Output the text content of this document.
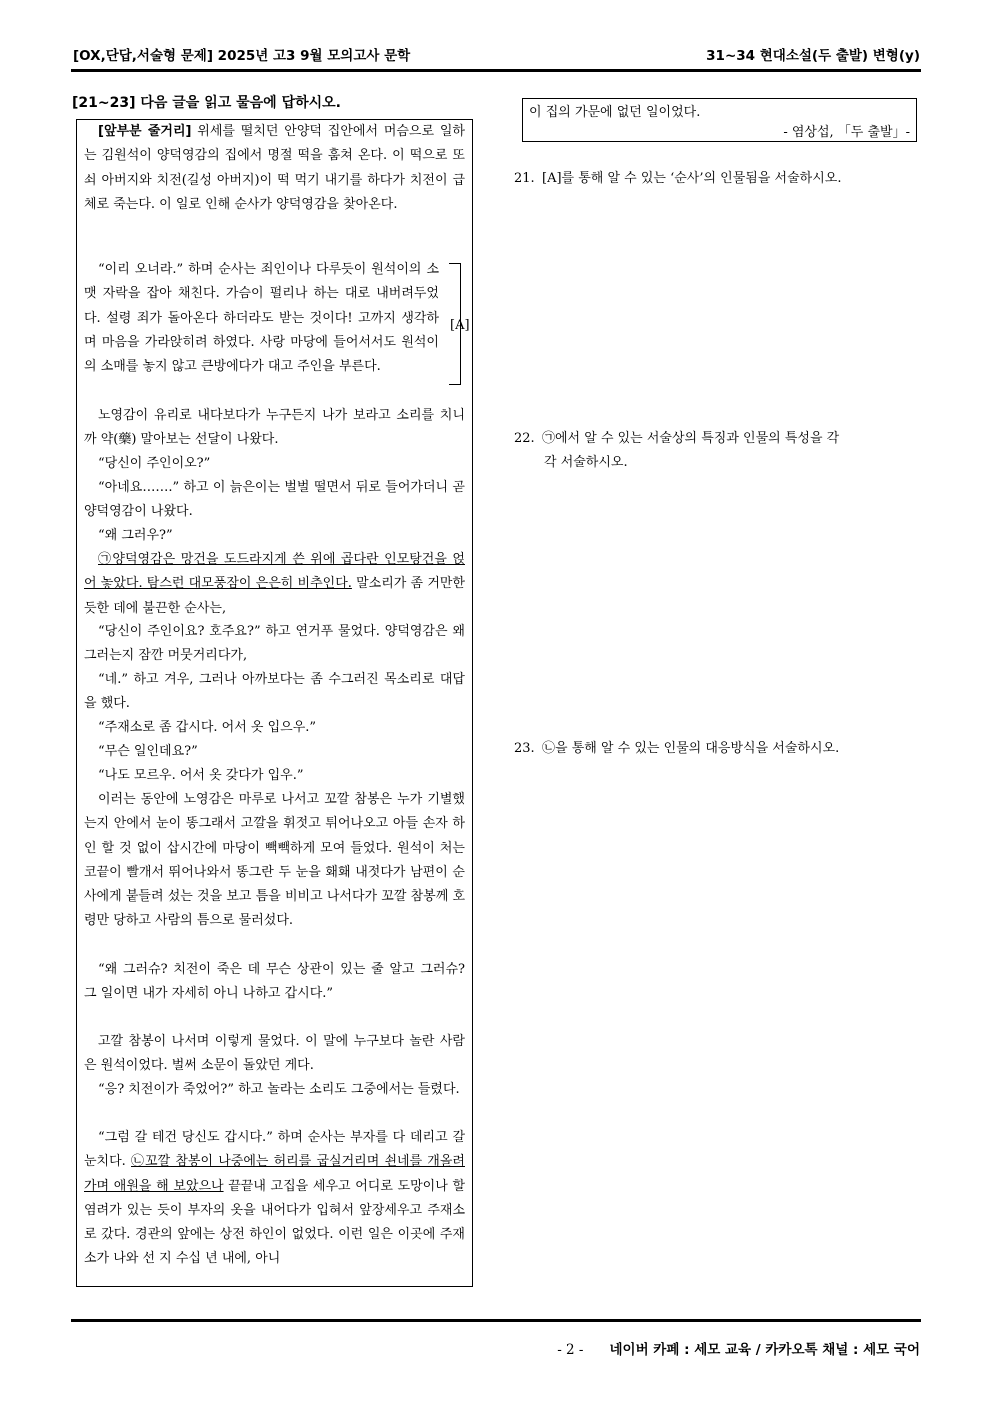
[OX,단답,서술형 문제] 2025년 고3 9월 모의고사 문학	31~34 현대소설(두 출발) 변형(y)
[21~23] 다음 글을 읽고 물음에 답하시오.

[앞부분 줄거리] 위세를 떨치던 안양덕 집안에서 머슴으로 일하는 김원석이 양덕영감의 집에서 명절 떡을 훔쳐 온다. 이 떡으로 또쇠 아버지와 치전(길성 아버지)이 떡 먹기 내기를 하다가 치전이 급체로 죽는다. 이 일로 인해 순사가 양덕영감을 찾아온다.

“이리 오너라.” 하며 순사는 죄인이나 다루듯이 원석이의 소맷 자락을 잡아 채친다. 가슴이 펄리나 하는 대로 내버려두었다. 설령 죄가 돌아온다 하더라도 받는 것이다! 고까지 생각하며 마음을 가라앉히려 하였다. 사랑 마당에 들어서서도 원석이의 소매를 놓지 않고 큰방에다가 대고 주인을 부른다.

노영감이 유리로 내다보다가 누구든지 나가 보라고 소리를 치니까 약(藥) 말아보는 선달이 나왔다.

“당신이 주인이오?”

“아네요…….” 하고 이 늙은이는 벌벌 떨면서 뒤로 들어가더니 곧 양덕영감이 나왔다.

“왜 그러우?”

㉠양덕영감은 망건을 도드라지게 쓴 위에 곱다란 인모탕건을 얹어 놓았다. 탐스런 대모풍잠이 은은히 비추인다. 말소리가 좀 거만한 듯한 데에 불끈한 순사는,

“당신이 주인이요? 호주요?” 하고 연거푸 물었다. 양덕영감은 왜 그러는지 잠깐 머뭇거리다가,

“네.” 하고 겨우, 그러나 아까보다는 좀 수그러진 목소리로 대답을 했다.

“주재소로 좀 갑시다. 어서 옷 입으우.”

“무슨 일인데요?”

“나도 모르우. 어서 옷 갖다가 입우.”

이러는 동안에 노영감은 마루로 나서고 꼬깔 참봉은 누가 기별했는지 안에서 눈이 똥그래서 고깔을 휘젓고 튀어나오고 아들 손자 하인 할 것 없이 삽시간에 마당이 빽빽하게 모여 들었다. 원석이 처는 코끝이 빨개서 뛰어나와서 똥그란 두 눈을 홰홰 내젓다가 남편이 순사에게 붙들려 섰는 것을 보고 틈을 비비고 나서다가 꼬깔 참봉께 호령만 당하고 사람의 틈으로 물러섰다.

“왜 그러슈? 치전이 죽은 데 무슨 상관이 있는 줄 알고 그러슈? 그 일이면 내가 자세히 아니 나하고 갑시다.”

고깔 참봉이 나서며 이렇게 물었다. 이 말에 누구보다 놀란 사람은 원석이었다. 벌써 소문이 돌았던 게다.

“응? 치전이가 죽었어?” 하고 놀라는 소리도 그중에서는 들렸다.

“그럼 갈 테건 당신도 갑시다.” 하며 순사는 부자를 다 데리고 갈 눈치다. ㉡꼬깔 참봉이 나중에는 허리를 굽실거리며 쇤네를 개올려 가며 애원을 해 보았으나 끝끝내 고집을 세우고 어디로 도망이나 할 염려가 있는 듯이 부자의 옷을 내어다가 입혀서 앞장세우고 주재소로 갔다. 경관의 앞에는 상전 하인이 없었다. 이런 일은 이곳에 주재소가 나와 선 지 수십 년 내에, 아니

[A]
이 집의 가문에 없던 일이었다.
- 염상섭, 「두 출발」-
21. [A]를 통해 알 수 있는 ‘순사’의 인물됨을 서술하시오.
22. ㉠에서 알 수 있는 서술상의 특징과 인물의 특성을 각
각 서술하시오.
23. ㉡을 통해 알 수 있는 인물의 대응방식을 서술하시오.
- 2 - 네이버 카페 : 세모 교육 / 카카오톡 채널 : 세모 국어
